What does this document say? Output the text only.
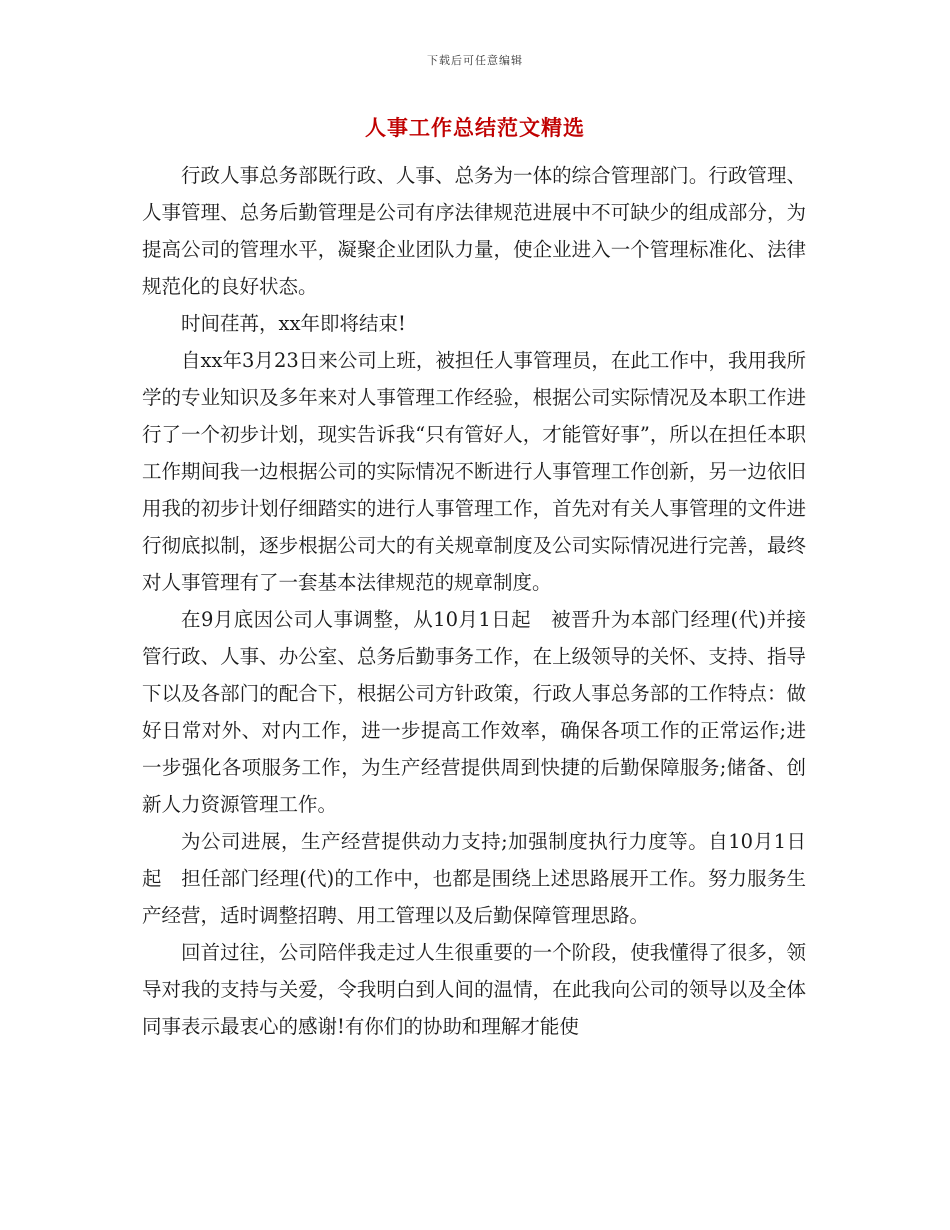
下载后可任意编辑
人事工作总结范文精选

行政人事总务部既行政、人事、总务为一体的综合管理部门。行政管理、人事管理、总务后勤管理是公司有序法律规范进展中不可缺少的组成部分，为提高公司的管理水平，凝聚企业团队力量，使企业进入一个管理标准化、法律规范化的良好状态。

时间荏苒，xx年即将结束!

自xx年3月23日来公司上班，被担任人事管理员，在此工作中，我用我所学的专业知识及多年来对人事管理工作经验，根据公司实际情况及本职工作进行了一个初步计划，现实告诉我“只有管好人，才能管好事”，所以在担任本职工作期间我一边根据公司的实际情况不断进行人事管理工作创新，另一边依旧用我的初步计划仔细踏实的进行人事管理工作，首先对有关人事管理的文件进行彻底拟制，逐步根据公司大的有关规章制度及公司实际情况进行完善，最终对人事管理有了一套基本法律规范的规章制度。

在9月底因公司人事调整，从10月1日起　被晋升为本部门经理(代)并接管行政、人事、办公室、总务后勤事务工作，在上级领导的关怀、支持、指导下以及各部门的配合下，根据公司方针政策，行政人事总务部的工作特点：做好日常对外、对内工作，进一步提高工作效率，确保各项工作的正常运作;进一步强化各项服务工作，为生产经营提供周到快捷的后勤保障服务;储备、创新人力资源管理工作。

为公司进展，生产经营提供动力支持;加强制度执行力度等。自10月1日起　担任部门经理(代)的工作中，也都是围绕上述思路展开工作。努力服务生产经营，适时调整招聘、用工管理以及后勤保障管理思路。

回首过往，公司陪伴我走过人生很重要的一个阶段，使我懂得了很多，领导对我的支持与关爱，令我明白到人间的温情，在此我向公司的领导以及全体同事表示最衷心的感谢!有你们的协助和理解才能使
